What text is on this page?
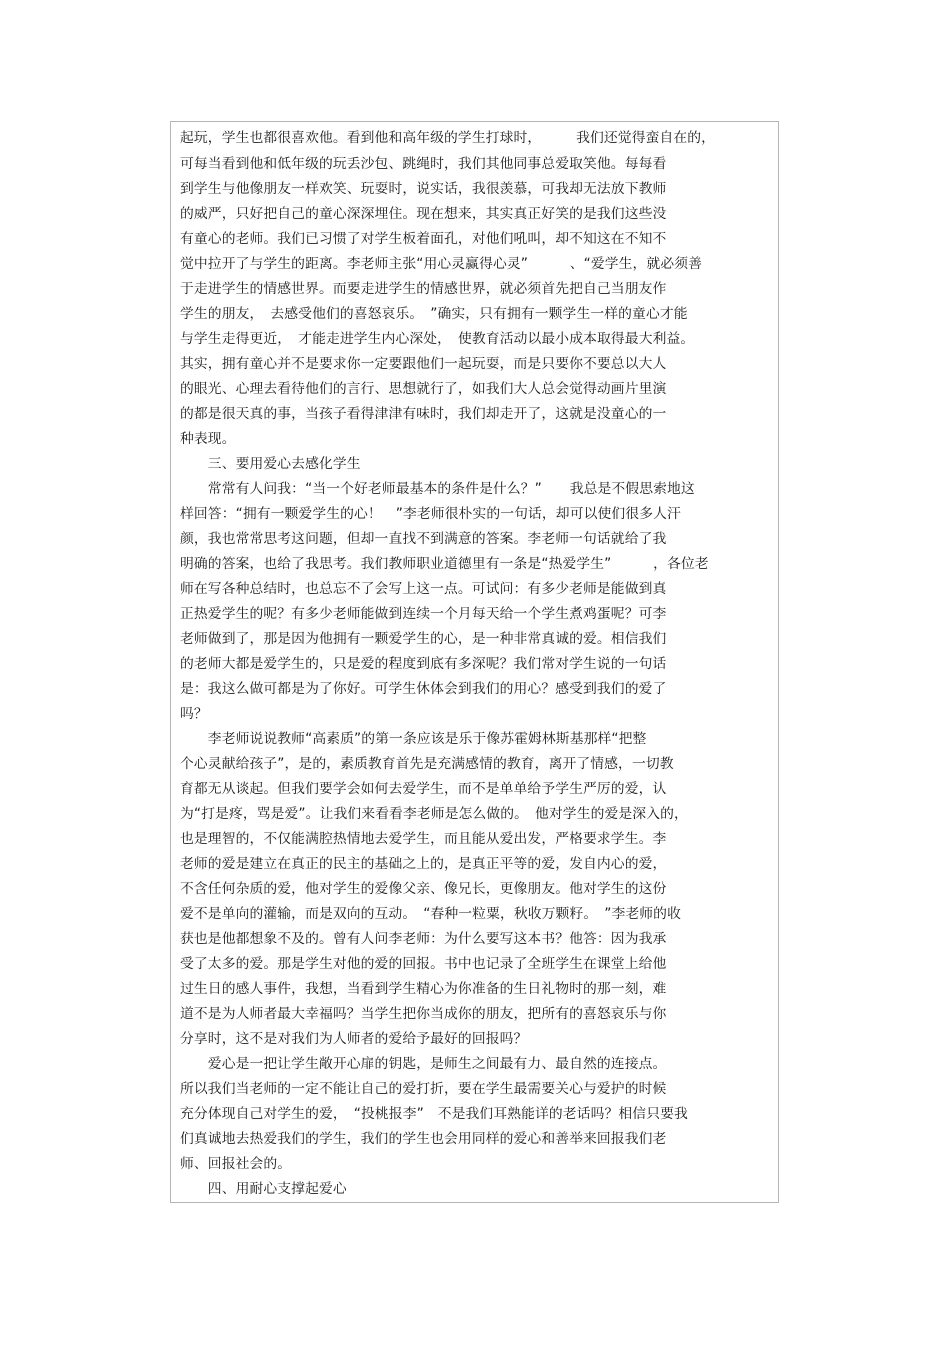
起玩，学生也都很喜欢他。看到他和高年级的学生打球时，　　　我们还觉得蛮自在的，
可每当看到他和低年级的玩丢沙包、跳绳时，我们其他同事总爱取笑他。每每看
到学生与他像朋友一样欢笑、玩耍时，说实话，我很羡慕，可我却无法放下教师
的威严，只好把自己的童心深深埋住。现在想来，其实真正好笑的是我们这些没
有童心的老师。我们已习惯了对学生板着面孔，对他们吼叫，却不知这在不知不
觉中拉开了与学生的距离。李老师主张“用心灵赢得心灵”　　　、“爱学生，就必须善
于走进学生的情感世界。而要走进学生的情感世界，就必须首先把自己当朋友作
学生的朋友，　去感受他们的喜怒哀乐。　”确实，只有拥有一颗学生一样的童心才能
与学生走得更近，　才能走进学生内心深处，　使教育活动以最小成本取得最大利益。
其实，拥有童心并不是要求你一定要跟他们一起玩耍，而是只要你不要总以大人
的眼光、心理去看待他们的言行、思想就行了，如我们大人总会觉得动画片里演
的都是很天真的事，当孩子看得津津有味时，我们却走开了，这就是没童心的一
种表现。
　　三、要用爱心去感化学生
　　常常有人问我：“当一个好老师最基本的条件是什么？”　　我总是不假思索地这
样回答：“拥有一颗爱学生的心！　”李老师很朴实的一句话，却可以使们很多人汗
颜，我也常常思考这问题，但却一直找不到满意的答案。李老师一句话就给了我
明确的答案，也给了我思考。我们教师职业道德里有一条是“热爱学生”　　　，各位老
师在写各种总结时，也总忘不了会写上这一点。可试问：有多少老师是能做到真
正热爱学生的呢？有多少老师能做到连续一个月每天给一个学生煮鸡蛋呢？可李
老师做到了，那是因为他拥有一颗爱学生的心，是一种非常真诚的爱。相信我们
的老师大都是爱学生的，只是爱的程度到底有多深呢？我们常对学生说的一句话
是：我这么做可都是为了你好。可学生休体会到我们的用心？感受到我们的爱了
吗？
　　李老师说说教师“高素质”的第一条应该是乐于像苏霍姆林斯基那样“把整
个心灵献给孩子”，是的，素质教育首先是充满感情的教育，离开了情感，一切教
育都无从谈起。但我们要学会如何去爱学生，而不是单单给予学生严厉的爱，认
为“打是疼，骂是爱”。让我们来看看李老师是怎么做的。　他对学生的爱是深入的，
也是理智的，不仅能满腔热情地去爱学生，而且能从爱出发，严格要求学生。李
老师的爱是建立在真正的民主的基础之上的，是真正平等的爱，发自内心的爱，
不含任何杂质的爱，他对学生的爱像父亲、像兄长，更像朋友。他对学生的这份
爱不是单向的灌输，而是双向的互动。　“春种一粒粟，秋收万颗籽。　”李老师的收
获也是他都想象不及的。曾有人问李老师：为什么要写这本书？他答：因为我承
受了太多的爱。那是学生对他的爱的回报。书中也记录了全班学生在课堂上给他
过生日的感人事件，我想，当看到学生精心为你准备的生日礼物时的那一刻，难
道不是为人师者最大幸福吗？当学生把你当成你的朋友，把所有的喜怒哀乐与你
分享时，这不是对我们为人师者的爱给予最好的回报吗？
　　爱心是一把让学生敞开心扉的钥匙，是师生之间最有力、最自然的连接点。
所以我们当老师的一定不能让自己的爱打折，要在学生最需要关心与爱护的时候
充分体现自己对学生的爱，　“投桃报李”　不是我们耳熟能详的老话吗？相信只要我
们真诚地去热爱我们的学生，我们的学生也会用同样的爱心和善举来回报我们老
师、回报社会的。
　　四、用耐心支撑起爱心
